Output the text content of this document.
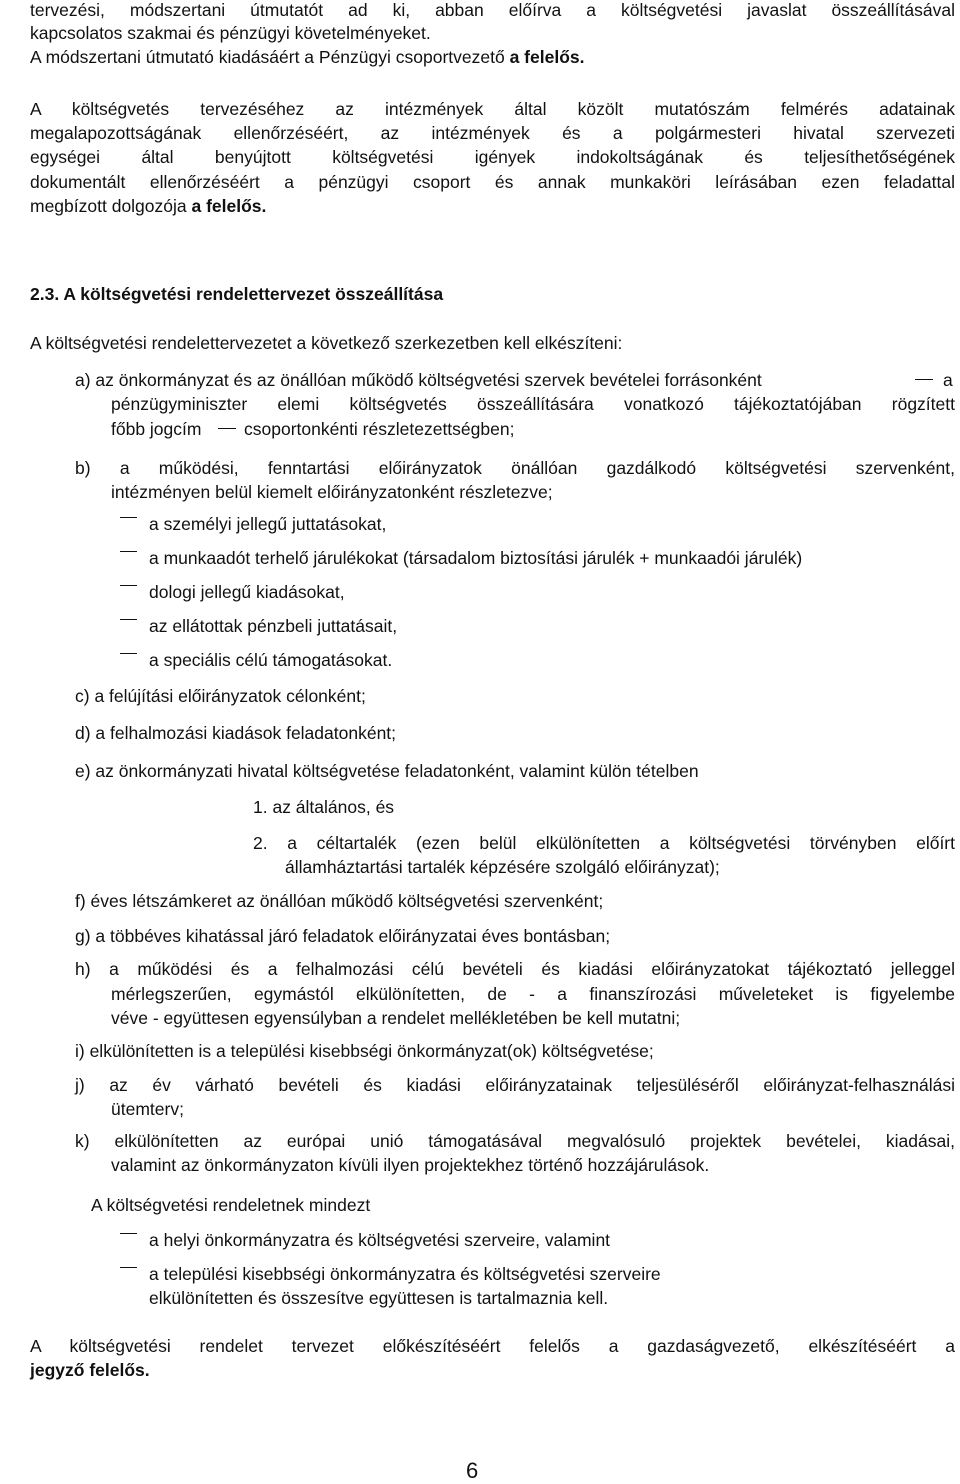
tervezési, módszertani útmutatót ad ki, abban előírva a költségvetési javaslat összeállításával
kapcsolatos szakmai és pénzügyi követelményeket.
A módszertani útmutató kiadásáért a Pénzügyi csoportvezető a felelős.
A költségvetés tervezéséhez az intézmények által közölt mutatószám felmérés adatainak
megalapozottságának ellenőrzéséért, az intézmények és a polgármesteri hivatal szervezeti
egységei által benyújtott költségvetési igények indokoltságának és teljesíthetőségének
dokumentált ellenőrzéséért a pénzügyi csoport és annak munkaköri leírásában ezen feladattal
megbízott dolgozója a felelős.
2.3. A költségvetési rendelettervezet összeállítása
A költségvetési rendelettervezetet a következő szerkezetben kell elkészíteni:
a) az önkormányzat és az önállóan működő költségvetési szervek bevételei forrásonként	a
pénzügyminiszter elemi költségvetés összeállítására vonatkozó tájékoztatójában rögzített
főbb jogcím csoportonkénti részletezettségben;
b) a működési, fenntartási előirányzatok önállóan gazdálkodó költségvetési szervenként,
intézményen belül kiemelt előirányzatonként részletezve;
a személyi jellegű juttatásokat,
a munkaadót terhelő járulékokat (társadalom biztosítási járulék + munkaadói járulék)
dologi jellegű kiadásokat,
az ellátottak pénzbeli juttatásait,
a speciális célú támogatásokat.
c) a felújítási előirányzatok célonként;
d) a felhalmozási kiadások feladatonként;
e) az önkormányzati hivatal költségvetése feladatonként, valamint külön tételben
1. az általános, és
2. a céltartalék (ezen belül elkülönítetten a költségvetési törvényben előírt
államháztartási tartalék képzésére szolgáló előirányzat);
f) éves létszámkeret az önállóan működő költségvetési szervenként;
g) a többéves kihatással járó feladatok előirányzatai éves bontásban;
h) a működési és a felhalmozási célú bevételi és kiadási előirányzatokat tájékoztató jelleggel
mérlegszerűen, egymástól elkülönítetten, de - a finanszírozási műveleteket is figyelembe
véve - együttesen egyensúlyban a rendelet mellékletében be kell mutatni;
i) elkülönítetten is a települési kisebbségi önkormányzat(ok) költségvetése;
j) az év várható bevételi és kiadási előirányzatainak teljesüléséről előirányzat-felhasználási
ütemterv;
k) elkülönítetten az európai unió támogatásával megvalósuló projektek bevételei, kiadásai,
valamint az önkormányzaton kívüli ilyen projektekhez történő hozzájárulások.
A költségvetési rendeletnek mindezt
a helyi önkormányzatra és költségvetési szerveire, valamint
a települési kisebbségi önkormányzatra és költségvetési szerveire
elkülönítetten és összesítve együttesen is tartalmaznia kell.
A költségvetési rendelet tervezet előkészítéséért felelős a gazdaságvezető, elkészítéséért a
jegyző felelős.
6
